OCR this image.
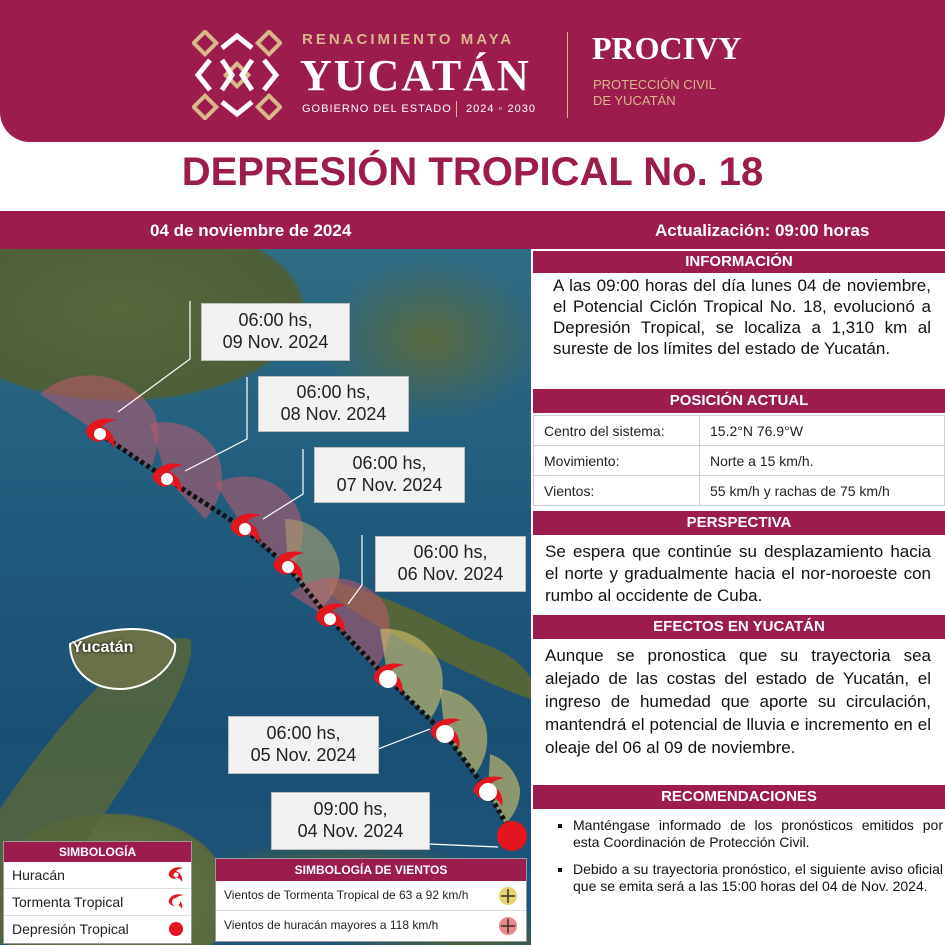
RENACIMIENTO MAYA
YUCATÁN
GOBIERNO DEL ESTADO 2024 ◦ 2030
PROCIVY
PROTECCIÓN CIVIL
DE YUCATÁN
DEPRESIÓN TROPICAL No. 18
04 de noviembre de 2024	Actualización: 09:00 horas
Yucatán
06:00 hs,
09 Nov. 2024
06:00 hs,
08 Nov. 2024
06:00 hs,
07 Nov. 2024
06:00 hs,
06 Nov. 2024
06:00 hs,
05 Nov. 2024
09:00 hs,
04 Nov. 2024
SIMBOLOGÍA
Huracán
Tormenta Tropical
Depresión Tropical
SIMBOLOGÍA DE VIENTOS
Vientos de Tormenta Tropical de 63 a 92 km/h
Vientos de huracán mayores a 118 km/h
INFORMACIÓN
A las 09:00 horas del día lunes 04 de noviembre, el Potencial Ciclón Tropical No. 18, evolucionó a Depresión Tropical, se localiza a 1,310 km al sureste de los límites del estado de Yucatán.
POSICIÓN ACTUAL
Centro del sistema:	15.2°N 76.9°W
Movimiento:	Norte a 15 km/h.
Vientos:	55 km/h y rachas de 75 km/h
PERSPECTIVA
Se espera que continúe su desplazamiento hacia el norte y gradualmente hacia el nor-noroeste con rumbo al occidente de Cuba.
EFECTOS EN YUCATÁN
Aunque se pronostica que su trayectoria sea alejado de las costas del estado de Yucatán, el ingreso de humedad que aporte su circulación, mantendrá el potencial de lluvia e incremento en el oleaje del 06 al 09 de noviembre.
RECOMENDACIONES
▪ Manténgase informado de los pronósticos emitidos por esta Coordinación de Protección Civil.
▪ Debido a su trayectoria pronóstico, el siguiente aviso oficial que se emita será a las 15:00 horas del 04 de Nov. 2024.
